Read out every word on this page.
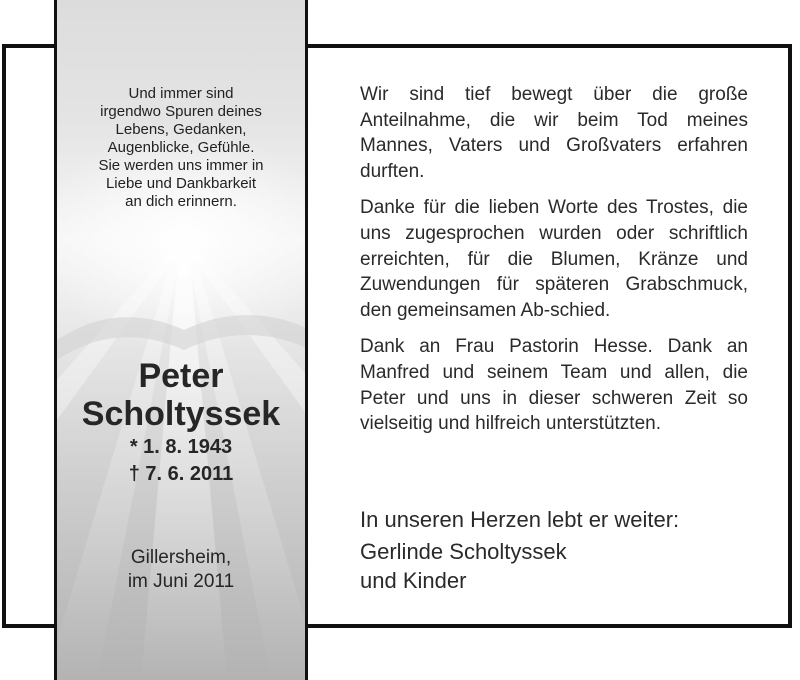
Und immer sind
irgendwo Spuren deines
Lebens, Gedanken,
Augenblicke, Gefühle.
Sie werden uns immer in
Liebe und Dankbarkeit
an dich erinnern.
Peter
Scholtyssek
* 1. 8. 1943
† 7. 6. 2011
Gillersheim,
im Juni 2011

Wir sind tief bewegt über die große Anteilnahme, die wir beim Tod meines Mannes, Vaters und Großvaters erfahren durften.

Danke für die lieben Worte des Trostes, die uns zugesprochen wurden oder schriftlich erreichten, für die Blumen, Kränze und Zuwendungen für späteren Grabschmuck, den gemeinsamen Ab-schied.

Dank an Frau Pastorin Hesse. Dank an Manfred und seinem Team und allen, die Peter und uns in dieser schweren Zeit so vielseitig und hilfreich unterstützten.

In unseren Herzen lebt er weiter:
Gerlinde Scholtyssek
und Kinder
